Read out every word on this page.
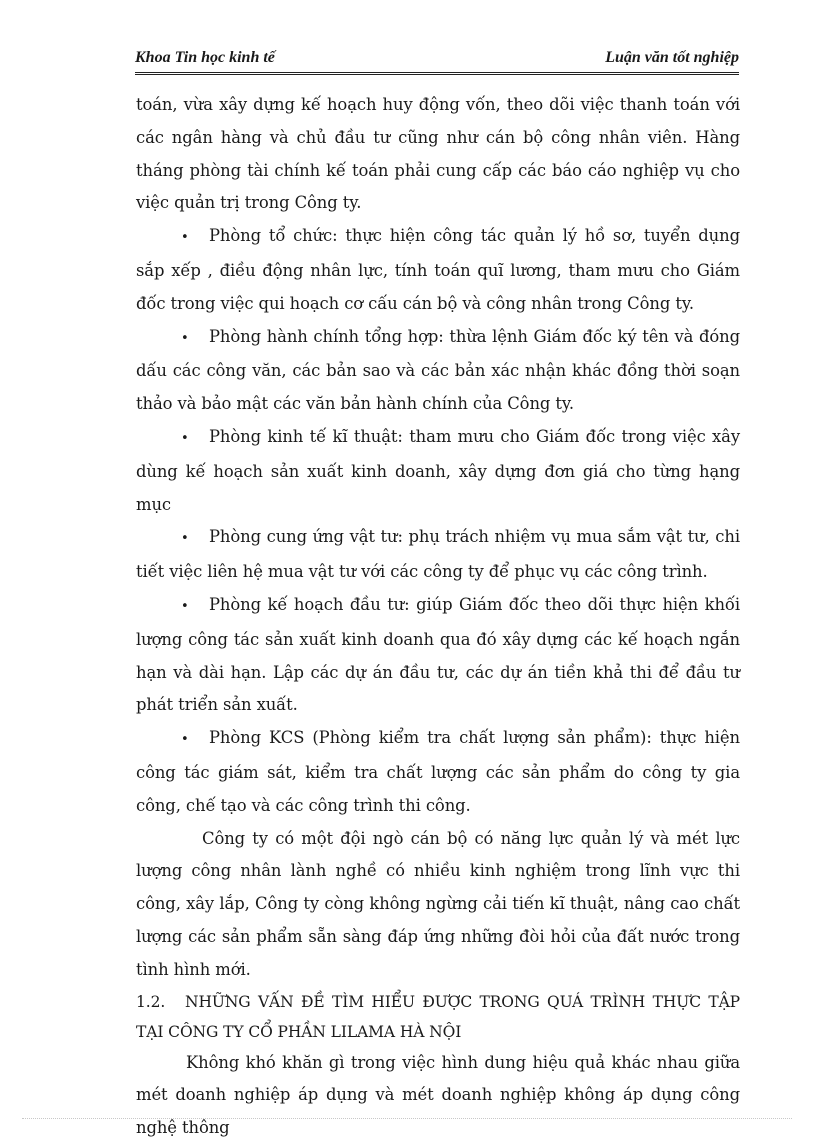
Khoa Tin học kinh tế	Luận văn tốt nghiệp

toán, vừa xây dựng kế hoạch huy động vốn, theo dõi việc thanh toán với các ngân hàng và chủ đầu tư cũng như cán bộ công nhân viên. Hàng tháng phòng tài chính kế toán phải cung cấp các báo cáo nghiệp vụ cho việc quản trị trong Công ty.

• Phòng tổ chức: thực hiện công tác quản lý hồ sơ, tuyển dụng sắp xếp , điều động nhân lực, tính toán quĩ lương, tham mưu cho Giám đốc trong việc qui hoạch cơ cấu cán bộ và công nhân trong Công ty.

• Phòng hành chính tổng hợp: thừa lệnh Giám đốc ký tên và đóng dấu các công văn, các bản sao và các bản xác nhận khác đồng thời soạn thảo và bảo mật các văn bản hành chính của Công ty.

• Phòng kinh tế kĩ thuật: tham mưu cho Giám đốc trong việc xây dùng kế hoạch sản xuất kinh doanh, xây dựng đơn giá cho từng hạng mục

• Phòng cung ứng vật tư: phụ trách nhiệm vụ mua sắm vật tư, chi tiết việc liên hệ mua vật tư với các công ty để phục vụ các công trình.

• Phòng kế hoạch đầu tư: giúp Giám đốc theo dõi thực hiện khối lượng công tác sản xuất kinh doanh qua đó xây dựng các kế hoạch ngắn hạn và dài hạn. Lập các dự án đầu tư, các dự án tiền khả thi để đầu tư phát triển sản xuất.

• Phòng KCS (Phòng kiểm tra chất lượng sản phẩm): thực hiện công tác giám sát, kiểm tra chất lượng các sản phẩm do công ty gia công, chế tạo và các công trình thi công.

Công ty có một đội ngò cán bộ có năng lực quản lý và mét lực lượng công nhân lành nghề có nhiều kinh nghiệm trong lĩnh vực thi công, xây lắp, Công ty còng không ngừng cải tiến kĩ thuật, nâng cao chất lượng các sản phẩm sẵn sàng đáp ứng những đòi hỏi của đất nước trong tình hình mới.

1.2. NHỮNG VẤN ĐỀ TÌM HIỂU ĐƯỢC TRONG QUÁ TRÌNH THỰC TẬP TẠI CÔNG TY CỔ PHẦN LILAMA HÀ NỘI

Không khó khăn gì trong việc hình dung hiệu quả khác nhau giữa mét doanh nghiệp áp dụng và mét doanh nghiệp không áp dụng công nghệ thông
